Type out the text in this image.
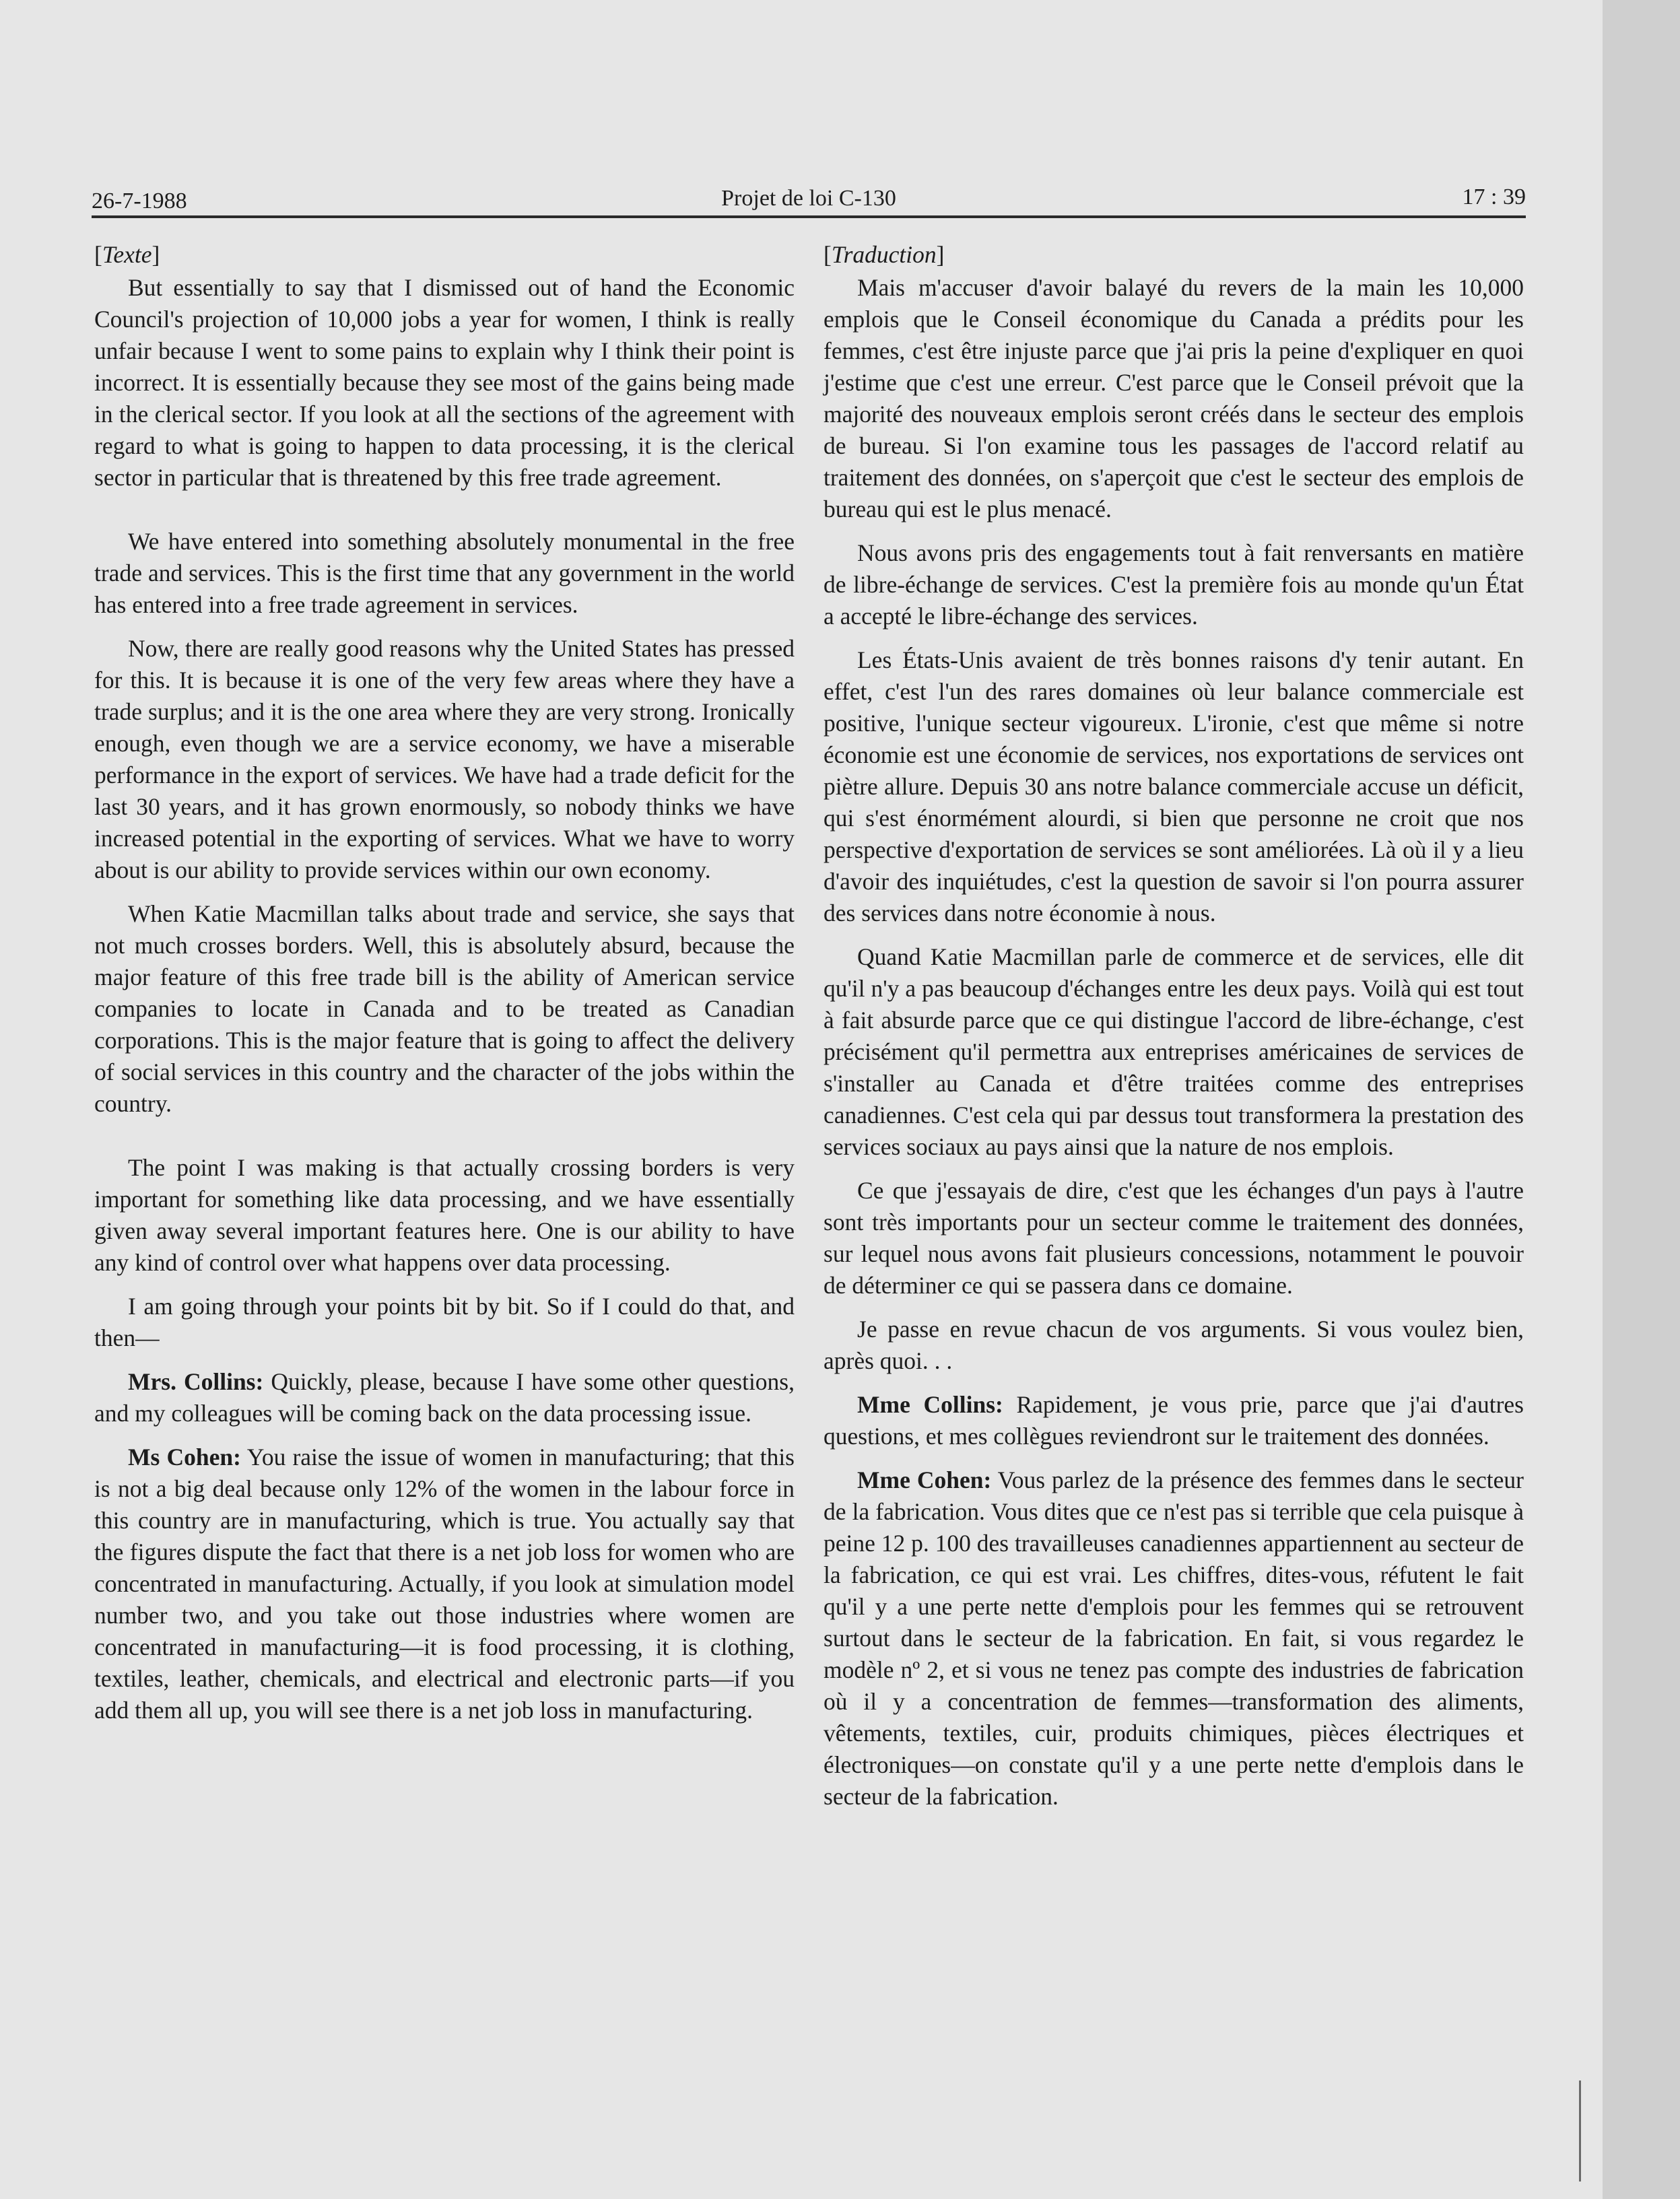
26-7-1988	Projet de loi C-130	17 : 39
[Texte]

But essentially to say that I dismissed out of hand the Economic Council's projection of 10,000 jobs a year for women, I think is really unfair because I went to some pains to explain why I think their point is incorrect. It is essentially because they see most of the gains being made in the clerical sector. If you look at all the sections of the agreement with regard to what is going to happen to data processing, it is the clerical sector in particular that is threatened by this free trade agreement.

We have entered into something absolutely monumental in the free trade and services. This is the first time that any government in the world has entered into a free trade agreement in services.

Now, there are really good reasons why the United States has pressed for this. It is because it is one of the very few areas where they have a trade surplus; and it is the one area where they are very strong. Ironically enough, even though we are a service economy, we have a miserable performance in the export of services. We have had a trade deficit for the last 30 years, and it has grown enormously, so nobody thinks we have increased potential in the exporting of services. What we have to worry about is our ability to provide services within our own economy.

When Katie Macmillan talks about trade and service, she says that not much crosses borders. Well, this is absolutely absurd, because the major feature of this free trade bill is the ability of American service companies to locate in Canada and to be treated as Canadian corporations. This is the major feature that is going to affect the delivery of social services in this country and the character of the jobs within the country.

The point I was making is that actually crossing borders is very important for something like data processing, and we have essentially given away several important features here. One is our ability to have any kind of control over what happens over data processing.

I am going through your points bit by bit. So if I could do that, and then—

Mrs. Collins: Quickly, please, because I have some other questions, and my colleagues will be coming back on the data processing issue.

Ms Cohen: You raise the issue of women in manufacturing; that this is not a big deal because only 12% of the women in the labour force in this country are in manufacturing, which is true. You actually say that the figures dispute the fact that there is a net job loss for women who are concentrated in manufacturing. Actually, if you look at simulation model number two, and you take out those industries where women are concentrated in manufacturing—it is food processing, it is clothing, textiles, leather, chemicals, and electrical and electronic parts—if you add them all up, you will see there is a net job loss in manufacturing.

[Traduction]

Mais m'accuser d'avoir balayé du revers de la main les 10,000 emplois que le Conseil économique du Canada a prédits pour les femmes, c'est être injuste parce que j'ai pris la peine d'expliquer en quoi j'estime que c'est une erreur. C'est parce que le Conseil prévoit que la majorité des nouveaux emplois seront créés dans le secteur des emplois de bureau. Si l'on examine tous les passages de l'accord relatif au traitement des données, on s'aperçoit que c'est le secteur des emplois de bureau qui est le plus menacé.

Nous avons pris des engagements tout à fait renversants en matière de libre-échange de services. C'est la première fois au monde qu'un État a accepté le libre-échange des services.

Les États-Unis avaient de très bonnes raisons d'y tenir autant. En effet, c'est l'un des rares domaines où leur balance commerciale est positive, l'unique secteur vigoureux. L'ironie, c'est que même si notre économie est une économie de services, nos exportations de services ont piètre allure. Depuis 30 ans notre balance commerciale accuse un déficit, qui s'est énormément alourdi, si bien que personne ne croit que nos perspective d'exportation de services se sont améliorées. Là où il y a lieu d'avoir des inquiétudes, c'est la question de savoir si l'on pourra assurer des services dans notre économie à nous.

Quand Katie Macmillan parle de commerce et de services, elle dit qu'il n'y a pas beaucoup d'échanges entre les deux pays. Voilà qui est tout à fait absurde parce que ce qui distingue l'accord de libre-échange, c'est précisément qu'il permettra aux entreprises américaines de services de s'installer au Canada et d'être traitées comme des entreprises canadiennes. C'est cela qui par dessus tout transformera la prestation des services sociaux au pays ainsi que la nature de nos emplois.

Ce que j'essayais de dire, c'est que les échanges d'un pays à l'autre sont très importants pour un secteur comme le traitement des données, sur lequel nous avons fait plusieurs concessions, notamment le pouvoir de déterminer ce qui se passera dans ce domaine.

Je passe en revue chacun de vos arguments. Si vous voulez bien, après quoi. . .

Mme Collins: Rapidement, je vous prie, parce que j'ai d'autres questions, et mes collègues reviendront sur le traitement des données.

Mme Cohen: Vous parlez de la présence des femmes dans le secteur de la fabrication. Vous dites que ce n'est pas si terrible que cela puisque à peine 12 p. 100 des travailleuses canadiennes appartiennent au secteur de la fabrication, ce qui est vrai. Les chiffres, dites-vous, réfutent le fait qu'il y a une perte nette d'emplois pour les femmes qui se retrouvent surtout dans le secteur de la fabrication. En fait, si vous regardez le modèle nº 2, et si vous ne tenez pas compte des industries de fabrication où il y a concentration de femmes—transformation des aliments, vêtements, textiles, cuir, produits chimiques, pièces électriques et électroniques—on constate qu'il y a une perte nette d'emplois dans le secteur de la fabrication.
